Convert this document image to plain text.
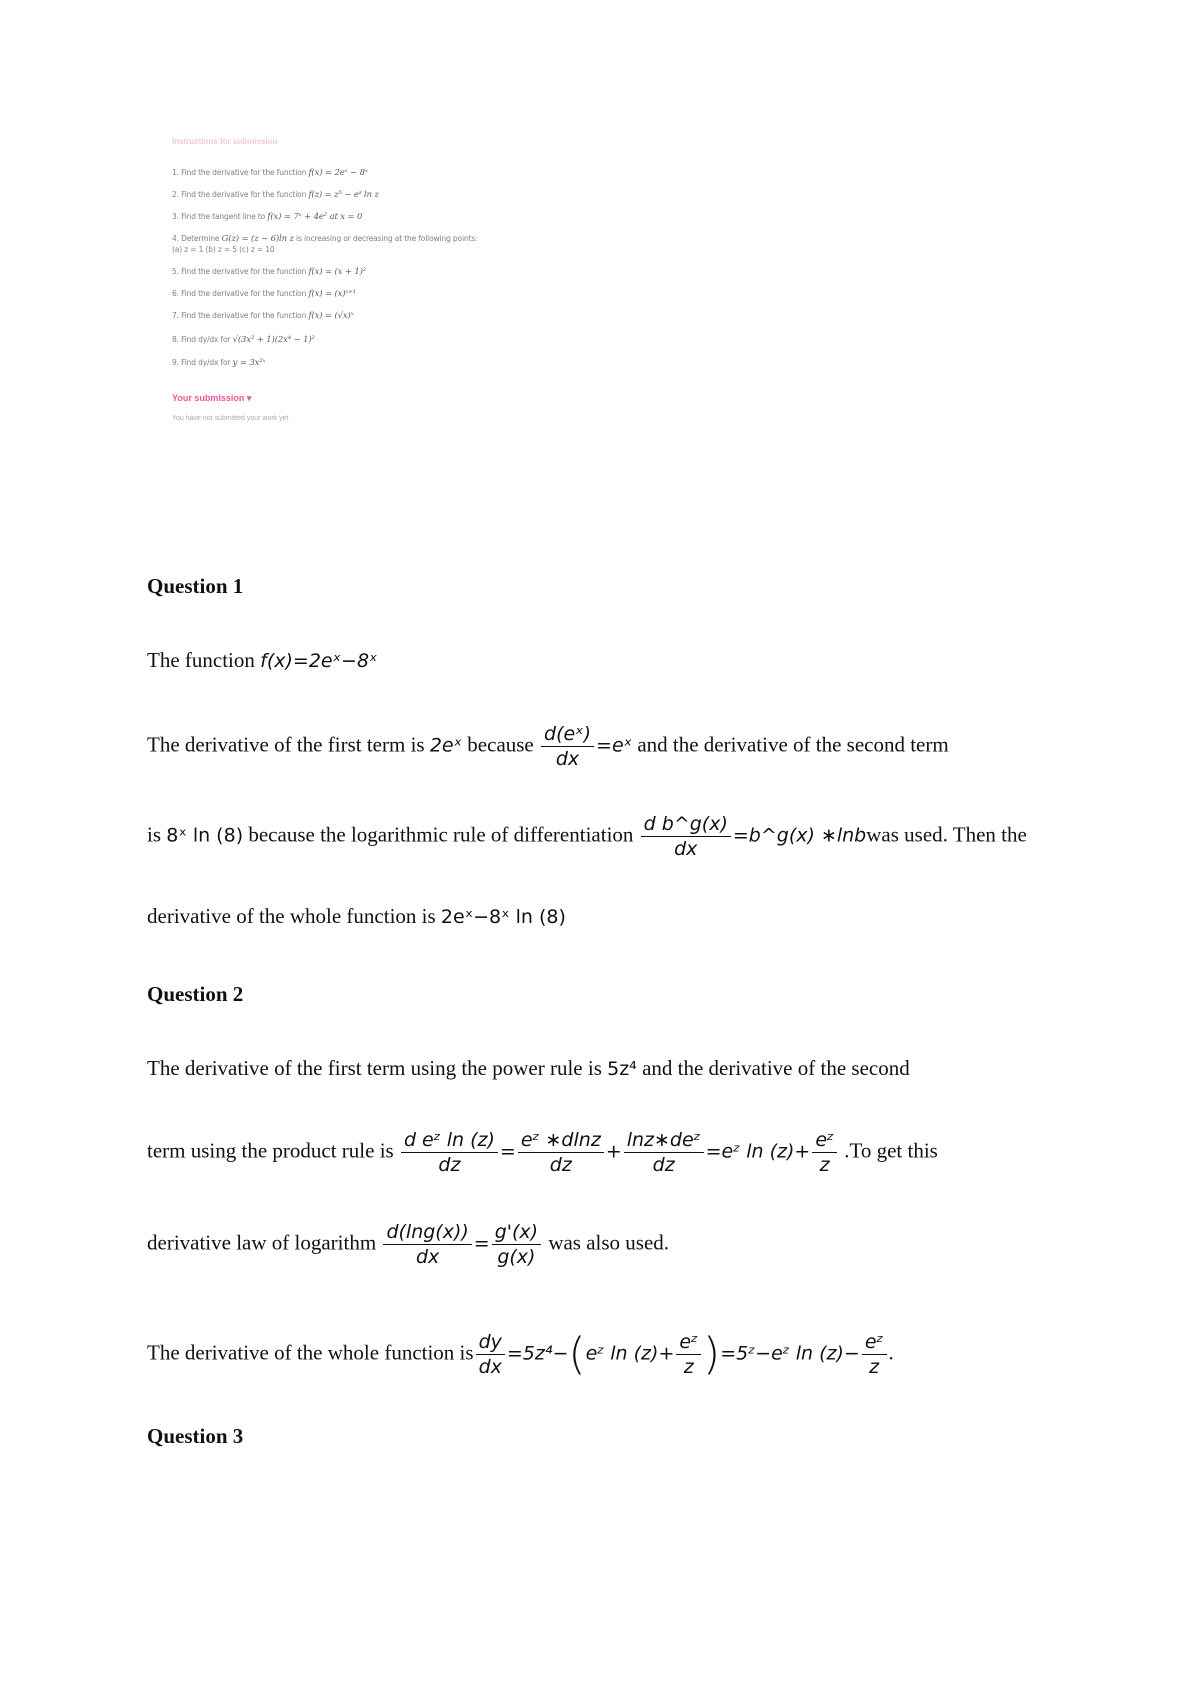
Instructions for submission
1. Find the derivative for the function f(x) = 2eˣ − 8ˣ
2. Find the derivative for the function f(z) = z⁵ − eᶻ ln z
3. Find the tangent line to f(x) = 7ˣ + 4e² at x = 0
4. Determine G(z) = (z − 6)ln z is increasing or decreasing at the following points:
(a) z = 1 (b) z = 5 (c) z = 10
5. Find the derivative for the function f(x) = (x + 1)²
6. Find the derivative for the function f(x) = (x)ˣ⁺¹
7. Find the derivative for the function f(x) = (√x)ˣ
8. Find dy/dx for √(3x² + 1)(2x⁴ − 1)²
9. Find dy/dx for y = 3x²ˣ
Your submission ▾
You have not submitted your work yet
Question 1
The function f(x)=2eˣ−8ˣ
The derivative of the first term is 2eˣ because $\frac{\text{d(eˣ)}}{dx}$ =eˣ and the derivative of the second term
is 8ˣ ln (8) because the logarithmic rule of differentiation $\frac{\text{d b\textasciicircum{}g(x)}}{dx}$ =b^g(x) ∗lnbwas used. Then the
derivative of the whole function is 2eˣ−8ˣ ln (8)
Question 2
The derivative of the first term using the power rule is 5z⁴ and the derivative of the second
term using the product rule is $\frac{\text{d eᶻ ln (z)}}{dz} = \frac{\text{eᶻ ∗dlnz}}{dz} + \frac{\text{lnz∗deᶻ}}{dz}$ =eᶻ $\ln (z)+ \frac{\text{eᶻ}}{z} .To$ get this
derivative law of logarithm $\frac{d(\ln g(x))}{dx} = \frac{g'(x)}{g(x)}$ was also used.
The derivative of the whole function is $\frac{dy}{dx}$ =5z⁴−(eᶻ $\ln (z)+ \frac{\text{eᶻ}}{z}$ )=5ᶻ−eᶻ $\ln (z)- \frac{\text{eᶻ}}{z}$ .
Question 3
